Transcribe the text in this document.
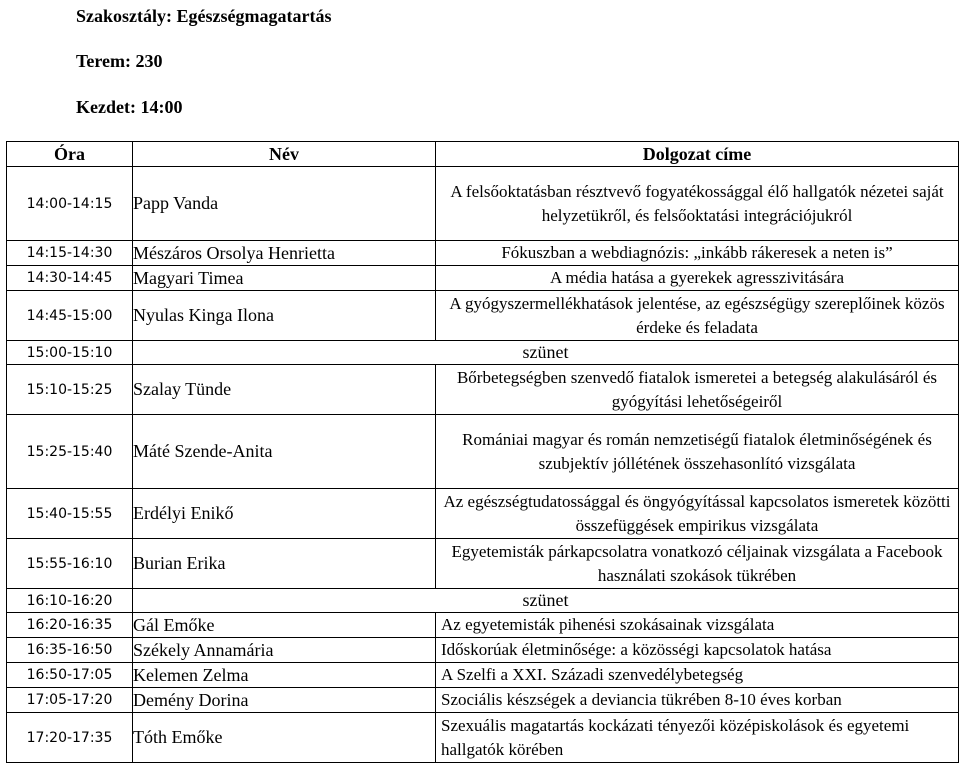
Szakosztály: Egészségmagatartás
Terem: 230
Kezdet: 14:00
Óra	Név	Dolgozat címe
14:00-14:15	Papp Vanda	A felsőoktatásban résztvevő fogyatékossággal élő hallgatók nézetei saját helyzetükről, és felsőoktatási integrációjukról
14:15-14:30	Mészáros Orsolya Henrietta	Fókuszban a webdiagnózis: „inkább rákeresek a neten is”
14:30-14:45	Magyari Timea	A média hatása a gyerekek agresszivitására
14:45-15:00	Nyulas Kinga Ilona	A gyógyszermellékhatások jelentése, az egészségügy szereplőinek közös érdeke és feladata
15:00-15:10	szünet	
15:10-15:25	Szalay Tünde	Bőrbetegségben szenvedő fiatalok ismeretei a betegség alakulásáról és gyógyítási lehetőségeiről
15:25-15:40	Máté Szende-Anita	Romániai magyar és román nemzetiségű fiatalok életminőségének és szubjektív jóllétének összehasonlító vizsgálata
15:40-15:55	Erdélyi Enikő	Az egészségtudatossággal és öngyógyítással kapcsolatos ismeretek közötti összefüggések empirikus vizsgálata
15:55-16:10	Burian Erika	Egyetemisták párkapcsolatra vonatkozó céljainak vizsgálata a Facebook használati szokások tükrében
16:10-16:20	szünet	
16:20-16:35	Gál Emőke	Az egyetemisták pihenési szokásainak vizsgálata
16:35-16:50	Székely Annamária	Időskorúak életminősége: a közösségi kapcsolatok hatása
16:50-17:05	Kelemen Zelma	A Szelfi a XXI. Századi szenvedélybetegség
17:05-17:20	Demény Dorina	Szociális készségek a deviancia tükrében 8-10 éves korban
17:20-17:35	Tóth Emőke	Szexuális magatartás kockázati tényezői középiskolások és egyetemi hallgatók körében
